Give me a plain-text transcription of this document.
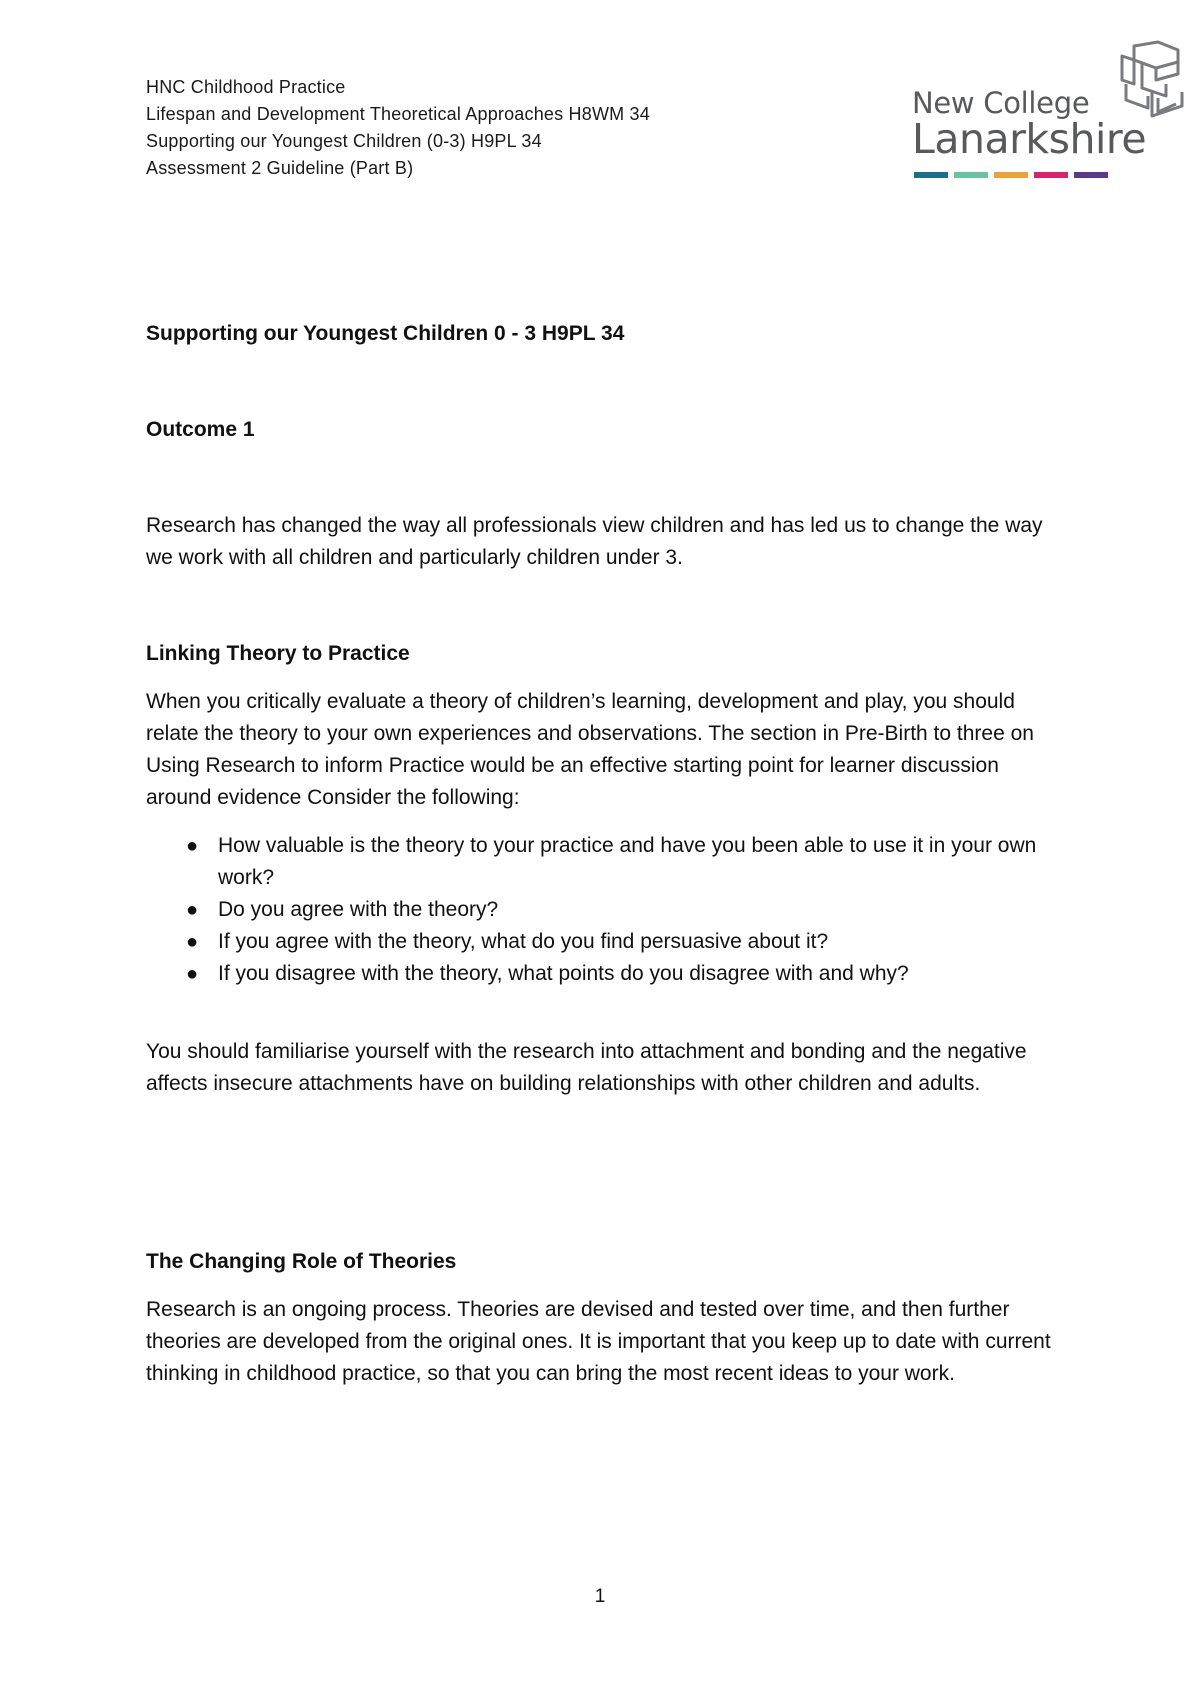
HNC Childhood Practice
Lifespan and Development Theoretical Approaches H8WM 34
Supporting our Youngest Children (0-3) H9PL 34
Assessment 2 Guideline (Part B)
New College
Lanarkshire
Supporting our Youngest Children 0 - 3 H9PL 34
Outcome 1
Research has changed the way all professionals view children and has led us to change the way we work with all children and particularly children under 3.
Linking Theory to Practice
When you critically evaluate a theory of children’s learning, development and play, you should relate the theory to your own experiences and observations. The section in Pre-Birth to three on Using Research to inform Practice would be an effective starting point for learner discussion around evidence Consider the following:
● How valuable is the theory to your practice and have you been able to use it in your own work?
● Do you agree with the theory?
● If you agree with the theory, what do you find persuasive about it?
● If you disagree with the theory, what points do you disagree with and why?
You should familiarise yourself with the research into attachment and bonding and the negative affects insecure attachments have on building relationships with other children and adults.
The Changing Role of Theories
Research is an ongoing process. Theories are devised and tested over time, and then further theories are developed from the original ones. It is important that you keep up to date with current thinking in childhood practice, so that you can bring the most recent ideas to your work.
1
